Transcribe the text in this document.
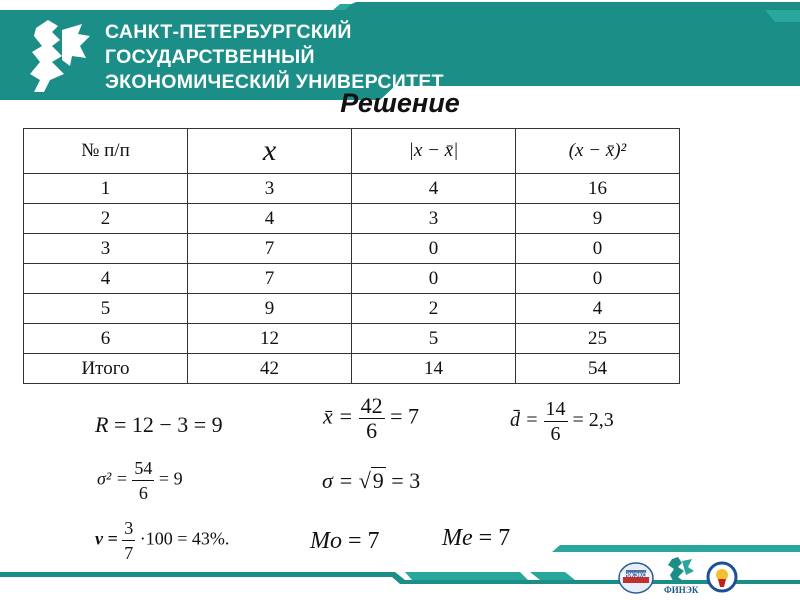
САНКТ-ПЕТЕРБУРГСКИЙ
ГОСУДАРСТВЕННЫЙ
ЭКОНОМИЧЕСКИЙ УНИВЕРСИТЕТ
Решение
№ п/п	x	|x − x̄|	(x − x̄)²
1	3	4	16
2	4	3	9
3	7	0	0
4	7	0	0
5	9	2	4
6	12	5	25
Итого	42	14	54
R = 12 − 3 = 9	x̄ = $\frac{42}{6} = 7$	d̄ = $\frac{14}{6} = 2,3$
$\sigma^2 = \frac{54}{6} = 9$	σ = √9 = 3
$v = \frac{3}{7} \cdot 100 = 43\%$.	Mo = 7	Me = 7
ИНЖЭКОН
ФИНЭК
